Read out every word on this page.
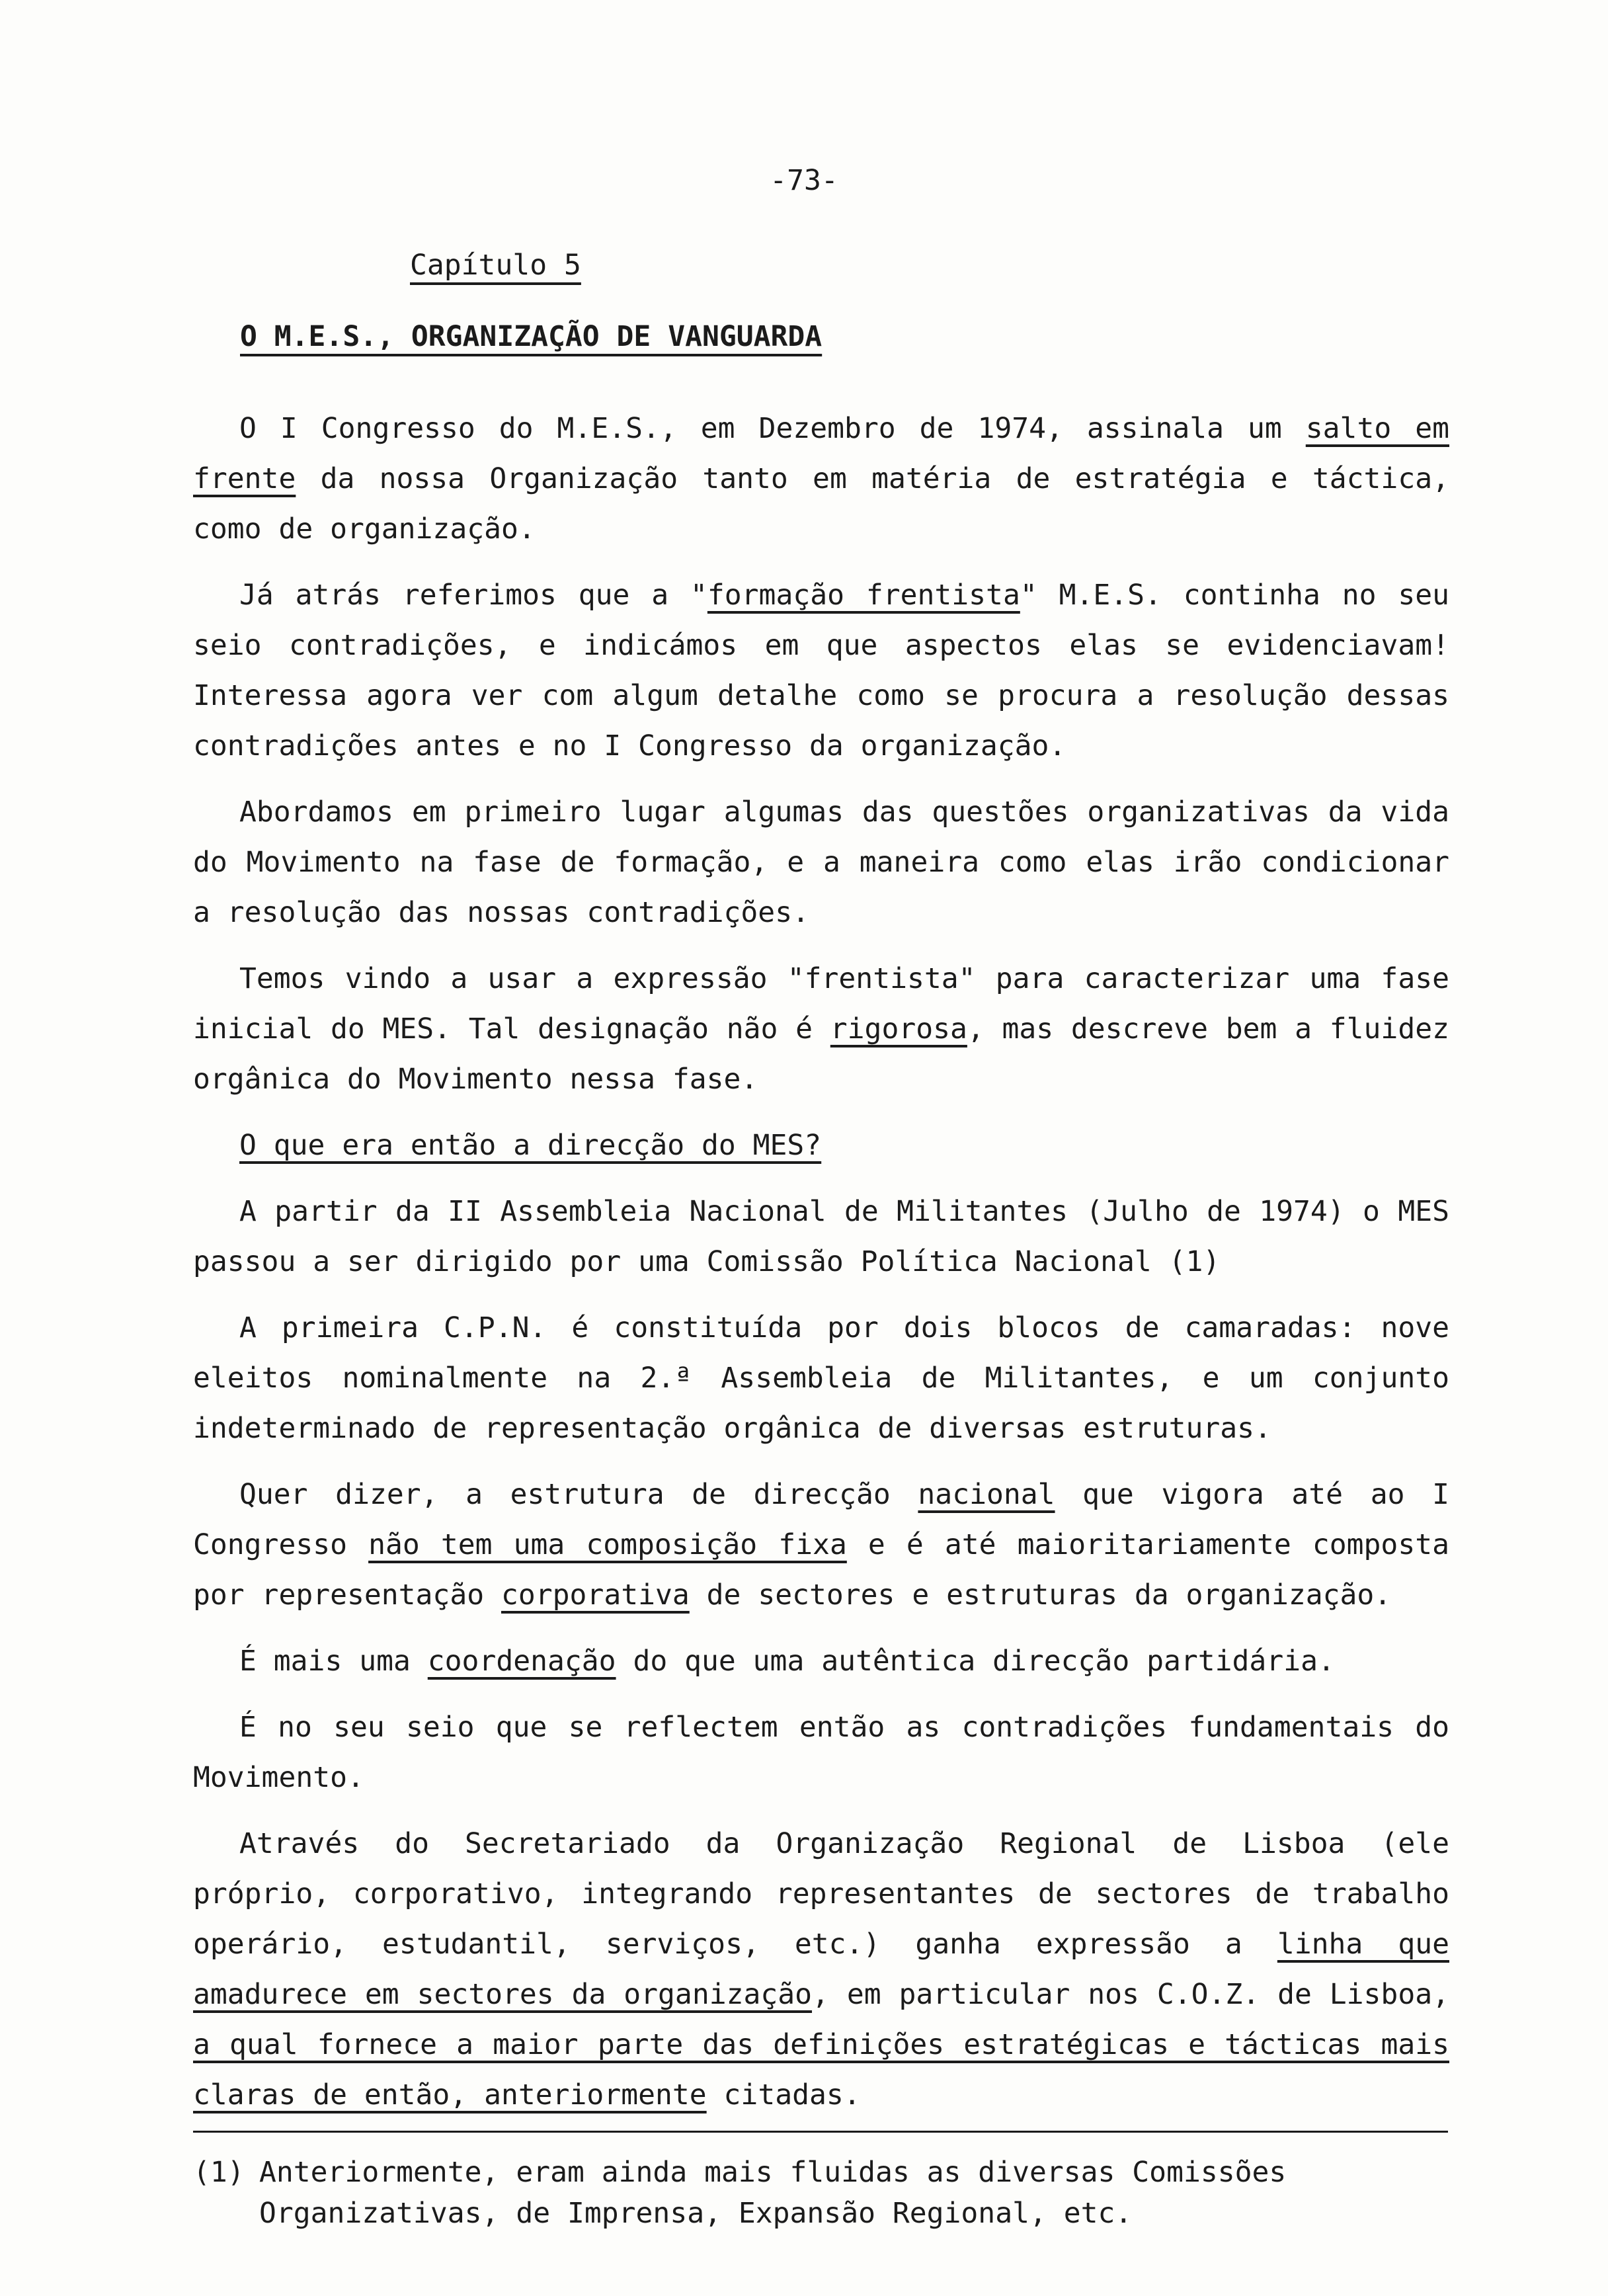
-73-
Capítulo 5
O M.E.S., ORGANIZAÇÃO DE VANGUARDA

O I Congresso do M.E.S., em Dezembro de 1974, assinala um salto em frente da nossa Organização tanto em matéria de estratégia e táctica, como de organização.

Já atrás referimos que a "formação frentista" M.E.S. continha no seu seio contradições, e indicámos em que aspectos elas se evidenciavam! Interessa agora ver com algum detalhe como se procura a resolução dessas contradições antes e no I Congresso da organização.

Abordamos em primeiro lugar algumas das questões organizativas da vida do Movimento na fase de formação, e a maneira como elas irão condicionar a resolução das nossas contradições.

Temos vindo a usar a expressão "frentista" para caracterizar uma fase inicial do MES. Tal designação não é rigorosa, mas descreve bem a fluidez orgânica do Movimento nessa fase.

O que era então a direcção do MES?

A partir da II Assembleia Nacional de Militantes (Julho de 1974) o MES passou a ser dirigido por uma Comissão Política Nacional (1)

A primeira C.P.N. é constituída por dois blocos de camaradas: nove eleitos nominalmente na 2.ª Assembleia de Militantes, e um conjunto indeterminado de representação orgânica de diversas estruturas.

Quer dizer, a estrutura de direcção nacional que vigora até ao I Congresso não tem uma composição fixa e é até maioritariamente composta por representação corporativa de sectores e estruturas da organização.

É mais uma coordenação do que uma autêntica direcção partidária.

É no seu seio que se reflectem então as contradições fundamentais do Movimento.

Através do Secretariado da Organização Regional de Lisboa (ele próprio, corporativo, integrando representantes de sectores de trabalho operário, estudantil, serviços, etc.) ganha expressão a linha que amadurece em sectores da organização, em particular nos C.O.Z. de Lisboa, a qual fornece a maior parte das definições estratégicas e tácticas mais claras de então, anteriormente citadas.

(1) Anteriormente, eram ainda mais fluidas as diversas Comissões Organizativas, de Imprensa, Expansão Regional, etc.
